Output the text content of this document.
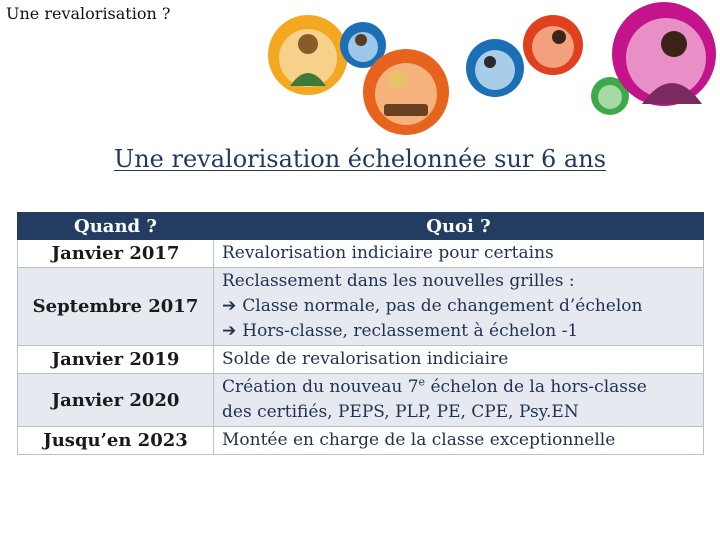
Une revalorisation ?
Une revalorisation échelonnée sur 6 ans
Quand ?	Quoi ?
Janvier 2017	Revalorisation indiciaire pour certains
Septembre 2017	Reclassement dans les nouvelles grilles :
➔ Classe normale, pas de changement d’échelon
➔ Hors-classe, reclassement à échelon -1

Janvier 2019	Solde de revalorisation indiciaire
Janvier 2020	Création du nouveau 7e échelon de la hors-classe
des certifiés, PEPS, PLP, PE, CPE, Psy.EN

Jusqu’en 2023	Montée en charge de la classe exceptionnelle
